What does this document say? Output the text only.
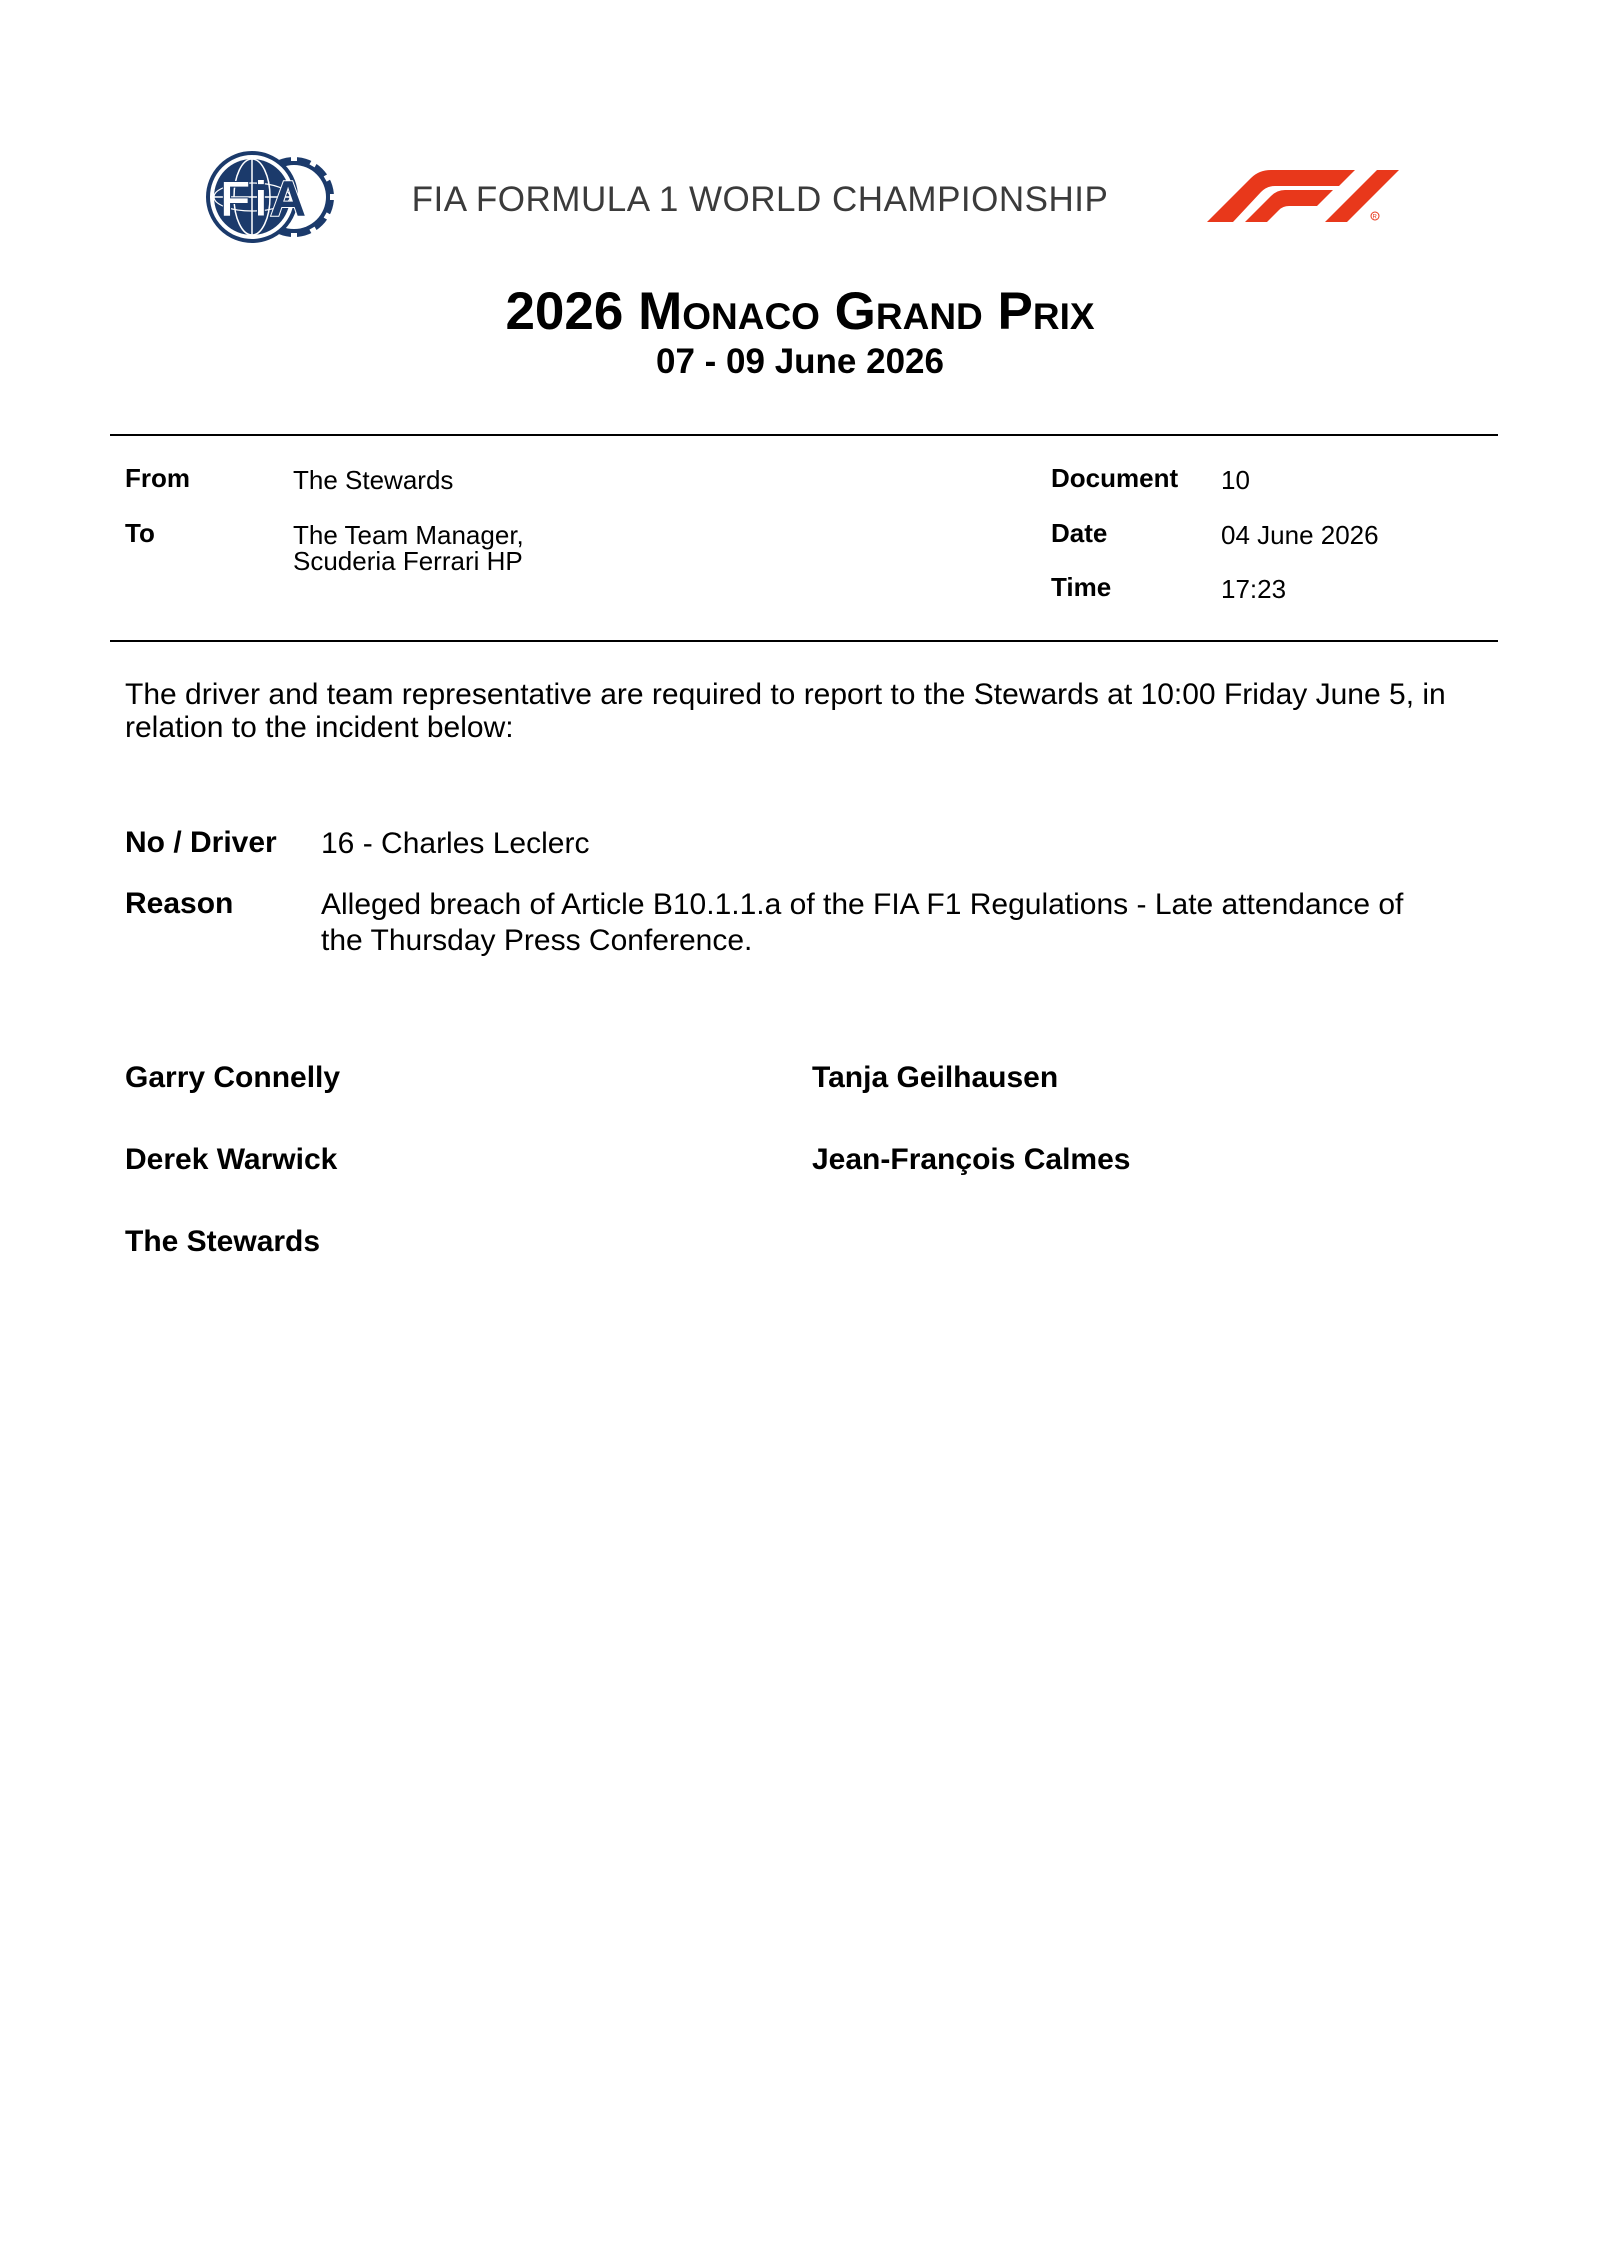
F i A	FIA FORMULA 1 WORLD CHAMPIONSHIP	R
2026 Monaco Grand Prix
07 - 09 June 2026
From	The Stewards
To	The Team Manager,
Scuderia Ferrari HP
Document 10
Date	04 June 2026
Time	17:23
The driver and team representative are required to report to the Stewards at 10:00 Friday June 5, in relation to the incident below:
No / Driver 16 - Charles Leclerc
Reason	Alleged breach of Article B10.1.1.a of the FIA F1 Regulations - Late attendance of
the Thursday Press Conference.
Garry Connelly	Tanja Geilhausen
Derek Warwick	Jean-François Calmes
The Stewards
